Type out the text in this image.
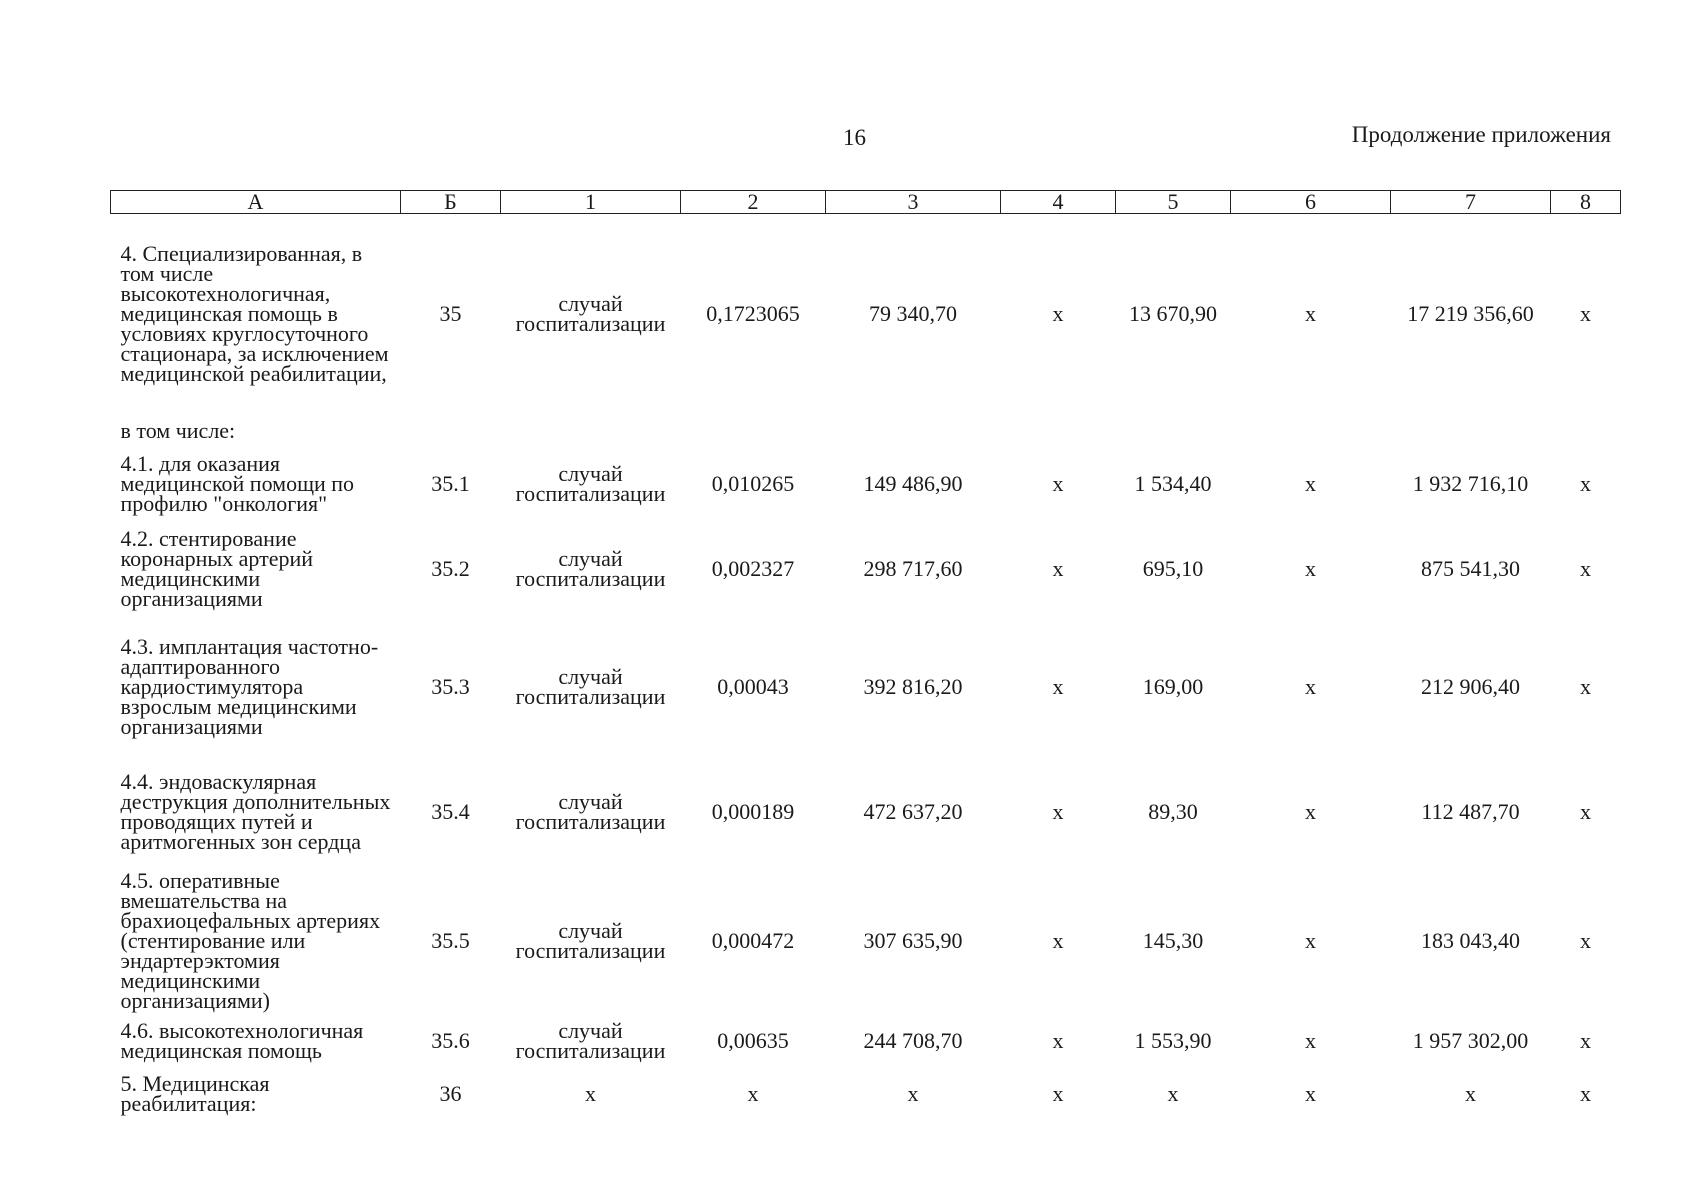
16	Продолжение приложения
А	Б	1	2	3	4	5	6	7	8
4. Специализированная, в том числе высокотехнологичная, медицинская помощь в условиях круглосуточного стационара, за исключением медицинской реабилитации,	35	случай госпитализации	0,1723065	79 340,70	х	13 670,90	х	17 219 356,60	х
в том числе:									
4.1. для оказания медицинской помощи по профилю "онкология"	35.1	случай госпитализации	0,010265	149 486,90	х	1 534,40	х	1 932 716,10	х
4.2. стентирование коронарных артерий медицинскими организациями	35.2	случай госпитализации	0,002327	298 717,60	х	695,10	х	875 541,30	х
4.3. имплантация частотно-адаптированного кардиостимулятора взрослым медицинскими организациями	35.3	случай госпитализации	0,00043	392 816,20	х	169,00	х	212 906,40	х
4.4. эндоваскулярная деструкция дополнительных проводящих путей и аритмогенных зон сердца	35.4	случай госпитализации	0,000189	472 637,20	х	89,30	х	112 487,70	х
4.5. оперативные вмешательства на брахиоцефальных артериях (стентирование или эндартерэктомия медицинскими организациями)	35.5	случай госпитализации	0,000472	307 635,90	х	145,30	х	183 043,40	х
4.6. высокотехнологичная медицинская помощь	35.6	случай госпитализации	0,00635	244 708,70	х	1 553,90	х	1 957 302,00	х
5. Медицинская реабилитация:	36	х	х	х	х	х	х	х	х
